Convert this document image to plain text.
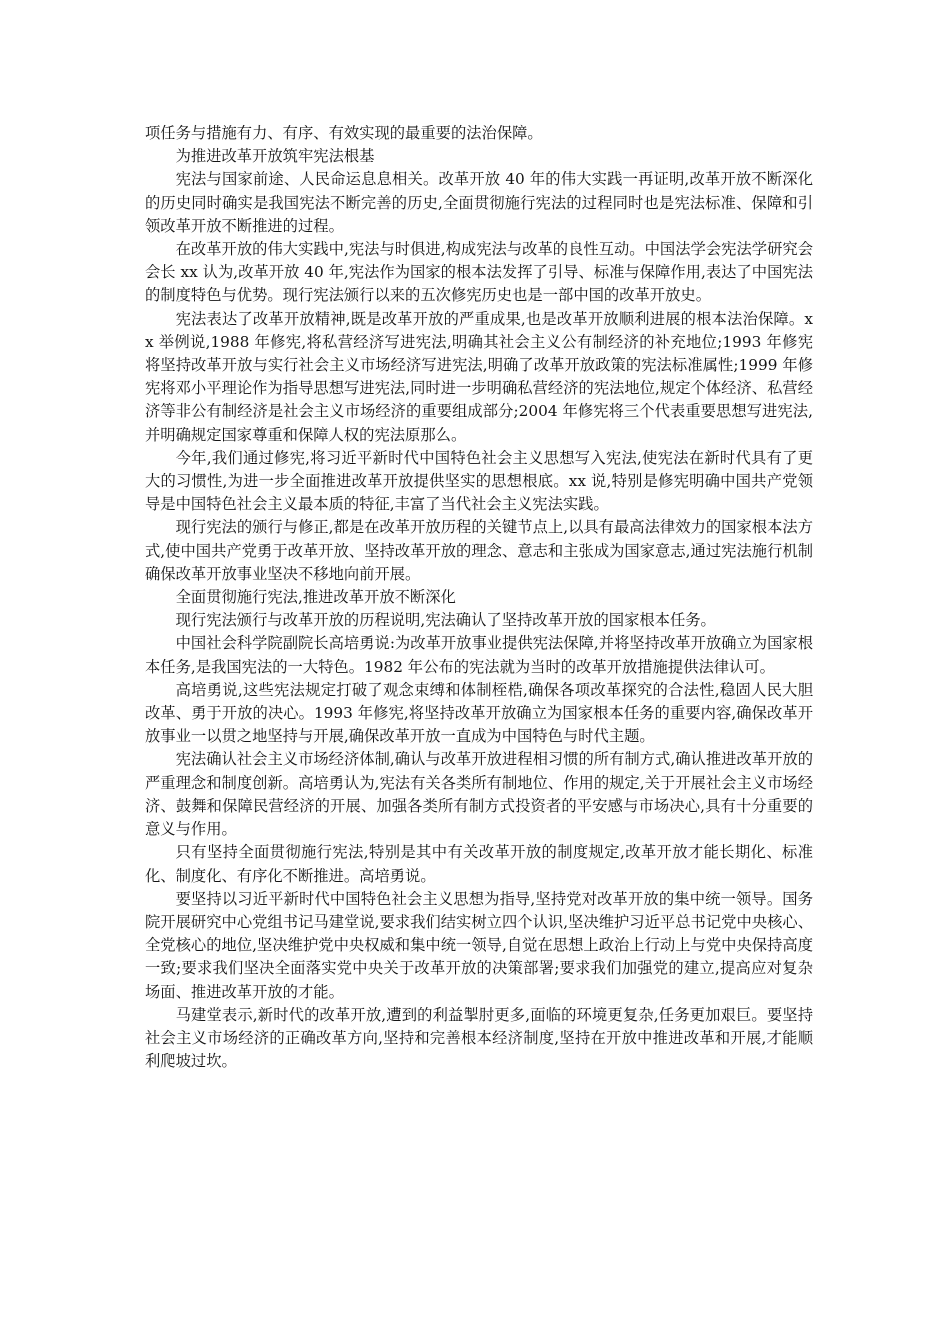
项任务与措施有力、有序、有效实现的最重要的法治保障。

为推进改革开放筑牢宪法根基

宪法与国家前途、人民命运息息相关。改革开放 40 年的伟大实践一再证明,改革开放不断深化的历史同时确实是我国宪法不断完善的历史,全面贯彻施行宪法的过程同时也是宪法标准、保障和引领改革开放不断推进的过程。

在改革开放的伟大实践中,宪法与时俱进,构成宪法与改革的良性互动。中国法学会宪法学研究会会长 xx 认为,改革开放 40 年,宪法作为国家的根本法发挥了引导、标准与保障作用,表达了中国宪法的制度特色与优势。现行宪法颁行以来的五次修宪历史也是一部中国的改革开放史。

宪法表达了改革开放精神,既是改革开放的严重成果,也是改革开放顺利进展的根本法治保障。xx 举例说,1988 年修宪,将私营经济写进宪法,明确其社会主义公有制经济的补充地位;1993 年修宪将坚持改革开放与实行社会主义市场经济写进宪法,明确了改革开放政策的宪法标准属性;1999 年修宪将邓小平理论作为指导思想写进宪法,同时进一步明确私营经济的宪法地位,规定个体经济、私营经济等非公有制经济是社会主义市场经济的重要组成部分;2004 年修宪将三个代表重要思想写进宪法,并明确规定国家尊重和保障人权的宪法原那么。

今年,我们通过修宪,将习近平新时代中国特色社会主义思想写入宪法,使宪法在新时代具有了更大的习惯性,为进一步全面推进改革开放提供坚实的思想根底。xx 说,特别是修宪明确中国共产党领导是中国特色社会主义最本质的特征,丰富了当代社会主义宪法实践。

现行宪法的颁行与修正,都是在改革开放历程的关键节点上,以具有最高法律效力的国家根本法方式,使中国共产党勇于改革开放、坚持改革开放的理念、意志和主张成为国家意志,通过宪法施行机制确保改革开放事业坚决不移地向前开展。

全面贯彻施行宪法,推进改革开放不断深化

现行宪法颁行与改革开放的历程说明,宪法确认了坚持改革开放的国家根本任务。

中国社会科学院副院长高培勇说:为改革开放事业提供宪法保障,并将坚持改革开放确立为国家根本任务,是我国宪法的一大特色。1982 年公布的宪法就为当时的改革开放措施提供法律认可。

高培勇说,这些宪法规定打破了观念束缚和体制桎梏,确保各项改革探究的合法性,稳固人民大胆改革、勇于开放的决心。1993 年修宪,将坚持改革开放确立为国家根本任务的重要内容,确保改革开放事业一以贯之地坚持与开展,确保改革开放一直成为中国特色与时代主题。

宪法确认社会主义市场经济体制,确认与改革开放进程相习惯的所有制方式,确认推进改革开放的严重理念和制度创新。高培勇认为,宪法有关各类所有制地位、作用的规定,关于开展社会主义市场经济、鼓舞和保障民营经济的开展、加强各类所有制方式投资者的平安感与市场决心,具有十分重要的意义与作用。

只有坚持全面贯彻施行宪法,特别是其中有关改革开放的制度规定,改革开放才能长期化、标准化、制度化、有序化不断推进。高培勇说。

要坚持以习近平新时代中国特色社会主义思想为指导,坚持党对改革开放的集中统一领导。国务院开展研究中心党组书记马建堂说,要求我们结实树立四个认识,坚决维护习近平总书记党中央核心、全党核心的地位,坚决维护党中央权威和集中统一领导,自觉在思想上政治上行动上与党中央保持高度一致;要求我们坚决全面落实党中央关于改革开放的决策部署;要求我们加强党的建立,提高应对复杂场面、推进改革开放的才能。

马建堂表示,新时代的改革开放,遭到的利益掣肘更多,面临的环境更复杂,任务更加艰巨。要坚持社会主义市场经济的正确改革方向,坚持和完善根本经济制度,坚持在开放中推进改革和开展,才能顺利爬坡过坎。
